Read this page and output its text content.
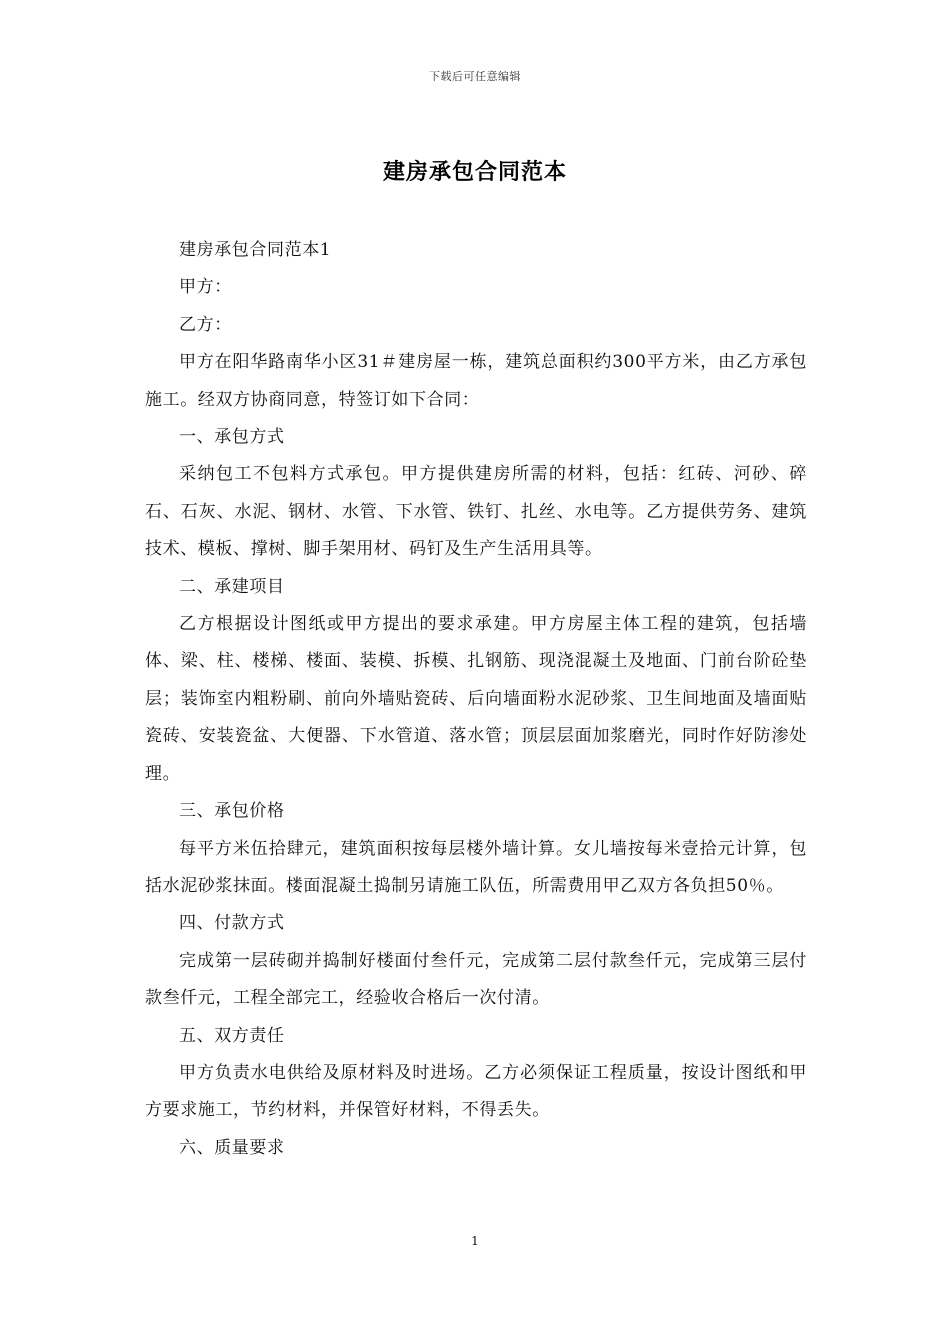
下载后可任意编辑
建房承包合同范本

建房承包合同范本1

甲方：

乙方：

甲方在阳华路南华小区31＃建房屋一栋，建筑总面积约300平方米，由乙方承包施工。经双方协商同意，特签订如下合同：

一、承包方式

采纳包工不包料方式承包。甲方提供建房所需的材料，包括：红砖、河砂、碎石、石灰、水泥、钢材、水管、下水管、铁钉、扎丝、水电等。乙方提供劳务、建筑技术、模板、撑树、脚手架用材、码钉及生产生活用具等。

二、承建项目

乙方根据设计图纸或甲方提出的要求承建。甲方房屋主体工程的建筑，包括墙体、梁、柱、楼梯、楼面、装模、拆模、扎钢筋、现浇混凝土及地面、门前台阶砼垫层；装饰室内粗粉刷、前向外墙贴瓷砖、后向墙面粉水泥砂浆、卫生间地面及墙面贴瓷砖、安装瓷盆、大便器、下水管道、落水管；顶层层面加浆磨光，同时作好防渗处理。

三、承包价格

每平方米伍拾肆元，建筑面积按每层楼外墙计算。女儿墙按每米壹拾元计算，包括水泥砂浆抹面。楼面混凝土捣制另请施工队伍，所需费用甲乙双方各负担50％。

四、付款方式

完成第一层砖砌并捣制好楼面付叁仟元，完成第二层付款叁仟元，完成第三层付款叁仟元，工程全部完工，经验收合格后一次付清。

五、双方责任

甲方负责水电供给及原材料及时进场。乙方必须保证工程质量，按设计图纸和甲方要求施工，节约材料，并保管好材料，不得丢失。

六、质量要求

1
